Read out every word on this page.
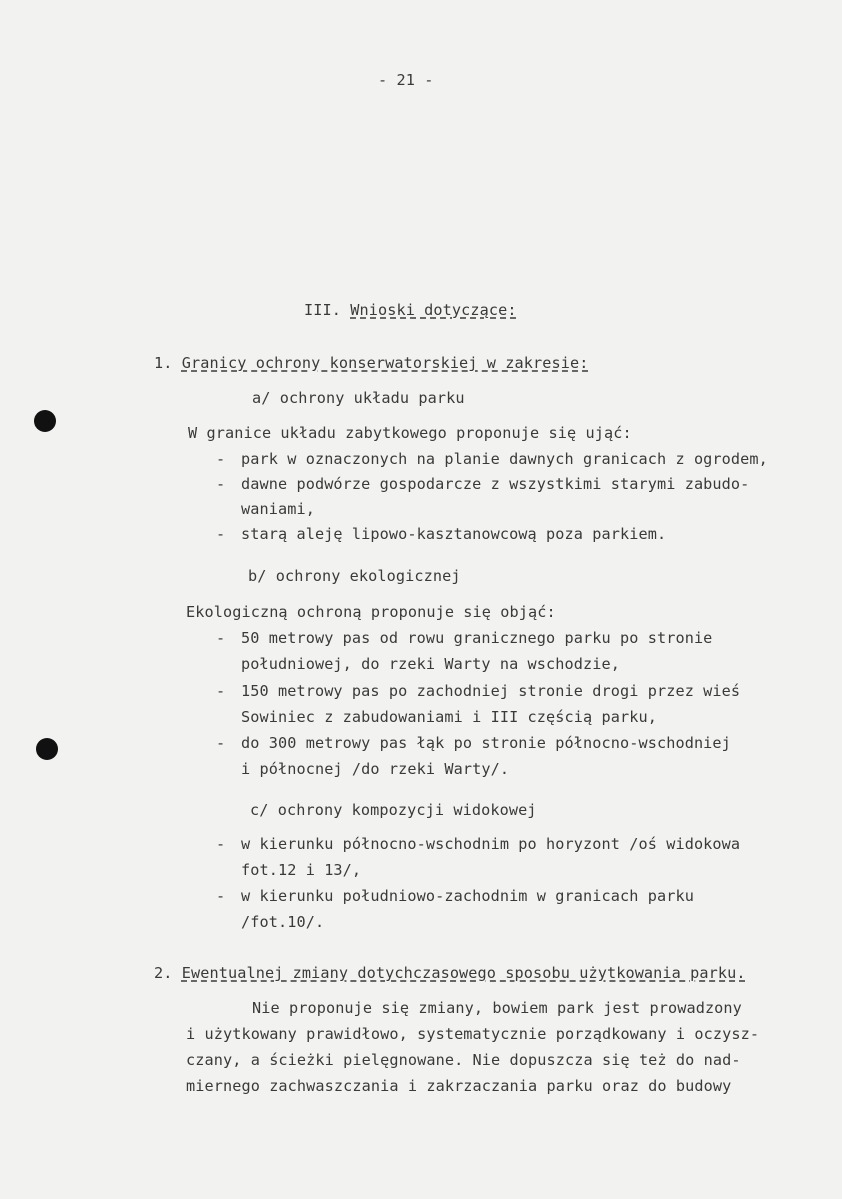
- 21 -
III. Wnioski dotyczące:
1. Granicy ochrony konserwatorskiej w zakresie:
a/ ochrony układu parku
W granice układu zabytkowego proponuje się ująć:
- park w oznaczonych na planie dawnych granicach z ogrodem,
- dawne podwórze gospodarcze z wszystkimi starymi zabudo-
waniami,
- starą aleję lipowo-kasztanowcową poza parkiem.
b/ ochrony ekologicznej
Ekologiczną ochroną proponuje się objąć:
- 50 metrowy pas od rowu granicznego parku po stronie
południowej, do rzeki Warty na wschodzie,
- 150 metrowy pas po zachodniej stronie drogi przez wieś
Sowiniec z zabudowaniami i III częścią parku,
- do 300 metrowy pas łąk po stronie północno-wschodniej
i północnej /do rzeki Warty/.
c/ ochrony kompozycji widokowej
- w kierunku północno-wschodnim po horyzont /oś widokowa
fot.12 i 13/,
- w kierunku południowo-zachodnim w granicach parku
/fot.10/.
2. Ewentualnej zmiany dotychczasowego sposobu użytkowania parku.
Nie proponuje się zmiany, bowiem park jest prowadzony
i użytkowany prawidłowo, systematycznie porządkowany i oczysz-
czany, a ścieżki pielęgnowane. Nie dopuszcza się też do nad-
miernego zachwaszczania i zakrzaczania parku oraz do budowy
